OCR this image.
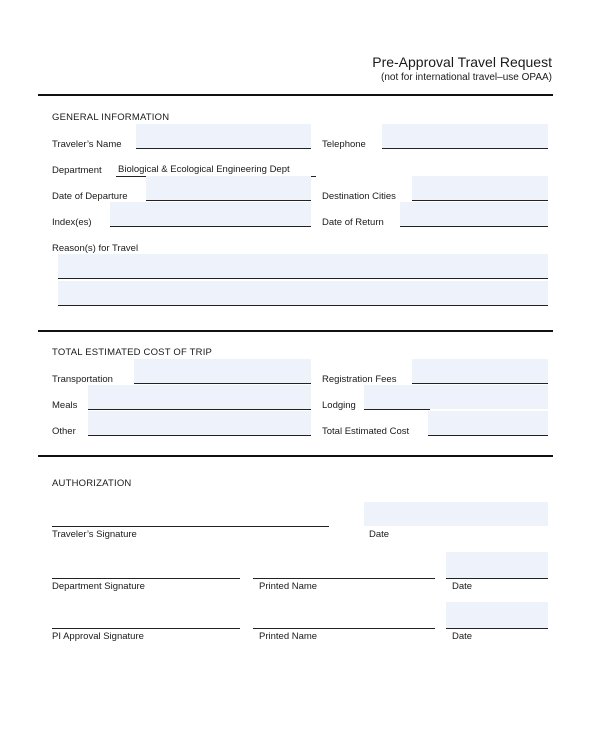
Pre-Approval Travel Request
(not for international travel–use OPAA)
GENERAL INFORMATION
Traveler’s Name	Telephone
Department Biological & Ecological Engineering Dept
Date of Departure	Destination Cities
Index(es)	Date of Return
Reason(s) for Travel
TOTAL ESTIMATED COST OF TRIP
Transportation	Registration Fees
Meals	Lodging
Other	Total Estimated Cost
AUTHORIZATION
Traveler’s Signature	Date
Department Signature	Printed Name	Date
PI Approval Signature	Printed Name	Date
